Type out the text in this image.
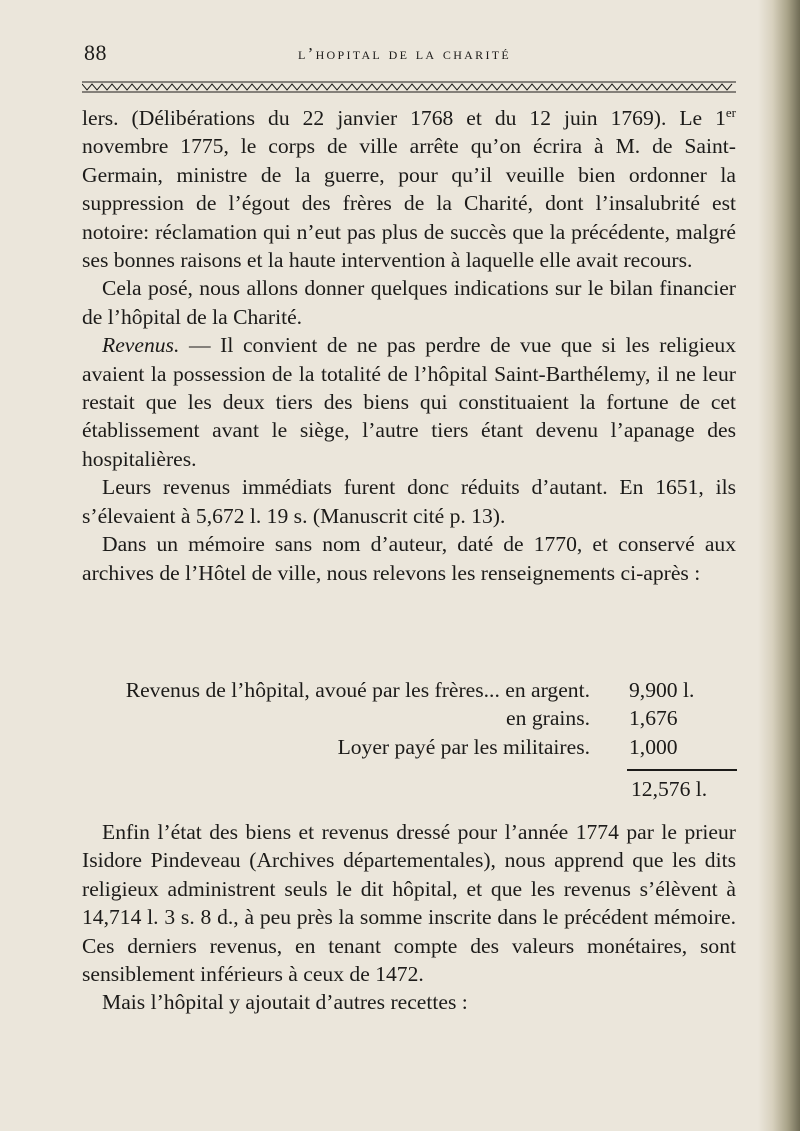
88	l’hopital de la charité

lers. (Délibérations du 22 janvier 1768 et du 12 juin 1769). Le 1er novembre 1775, le corps de ville arrête qu’on écrira à M. de Saint-Germain, ministre de la guerre, pour qu’il veuille bien ordonner la suppression de l’égout des frères de la Charité, dont l’insalubrité est notoire: réclamation qui n’eut pas plus de succès que la précédente, malgré ses bonnes raisons et la haute intervention à laquelle elle avait recours.

Cela posé, nous allons donner quelques indications sur le bilan financier de l’hôpital de la Charité.

Revenus. — Il convient de ne pas perdre de vue que si les religieux avaient la possession de la totalité de l’hôpital Saint-Barthélemy, il ne leur restait que les deux tiers des biens qui constituaient la fortune de cet établissement avant le siège, l’autre tiers étant devenu l’apanage des hospitalières.

Leurs revenus immédiats furent donc réduits d’autant. En 1651, ils s’élevaient à 5,672 l. 19 s. (Manuscrit cité p. 13).

Dans un mémoire sans nom d’auteur, daté de 1770, et conservé aux archives de l’Hôtel de ville, nous relevons les renseignements ci-après :

Revenus de l’hôpital, avoué par les frères... en argent. 9,900 l.
en grains. 1,676
Loyer payé par les militaires. 1,000
12,576 l.

Enfin l’état des biens et revenus dressé pour l’année 1774 par le prieur Isidore Pindeveau (Archives départementales), nous apprend que les dits religieux administrent seuls le dit hôpital, et que les revenus s’élèvent à 14,714 l. 3 s. 8 d., à peu près la somme inscrite dans le précédent mémoire. Ces derniers revenus, en tenant compte des valeurs monétaires, sont sensiblement inférieurs à ceux de 1472.

Mais l’hôpital y ajoutait d’autres recettes :
